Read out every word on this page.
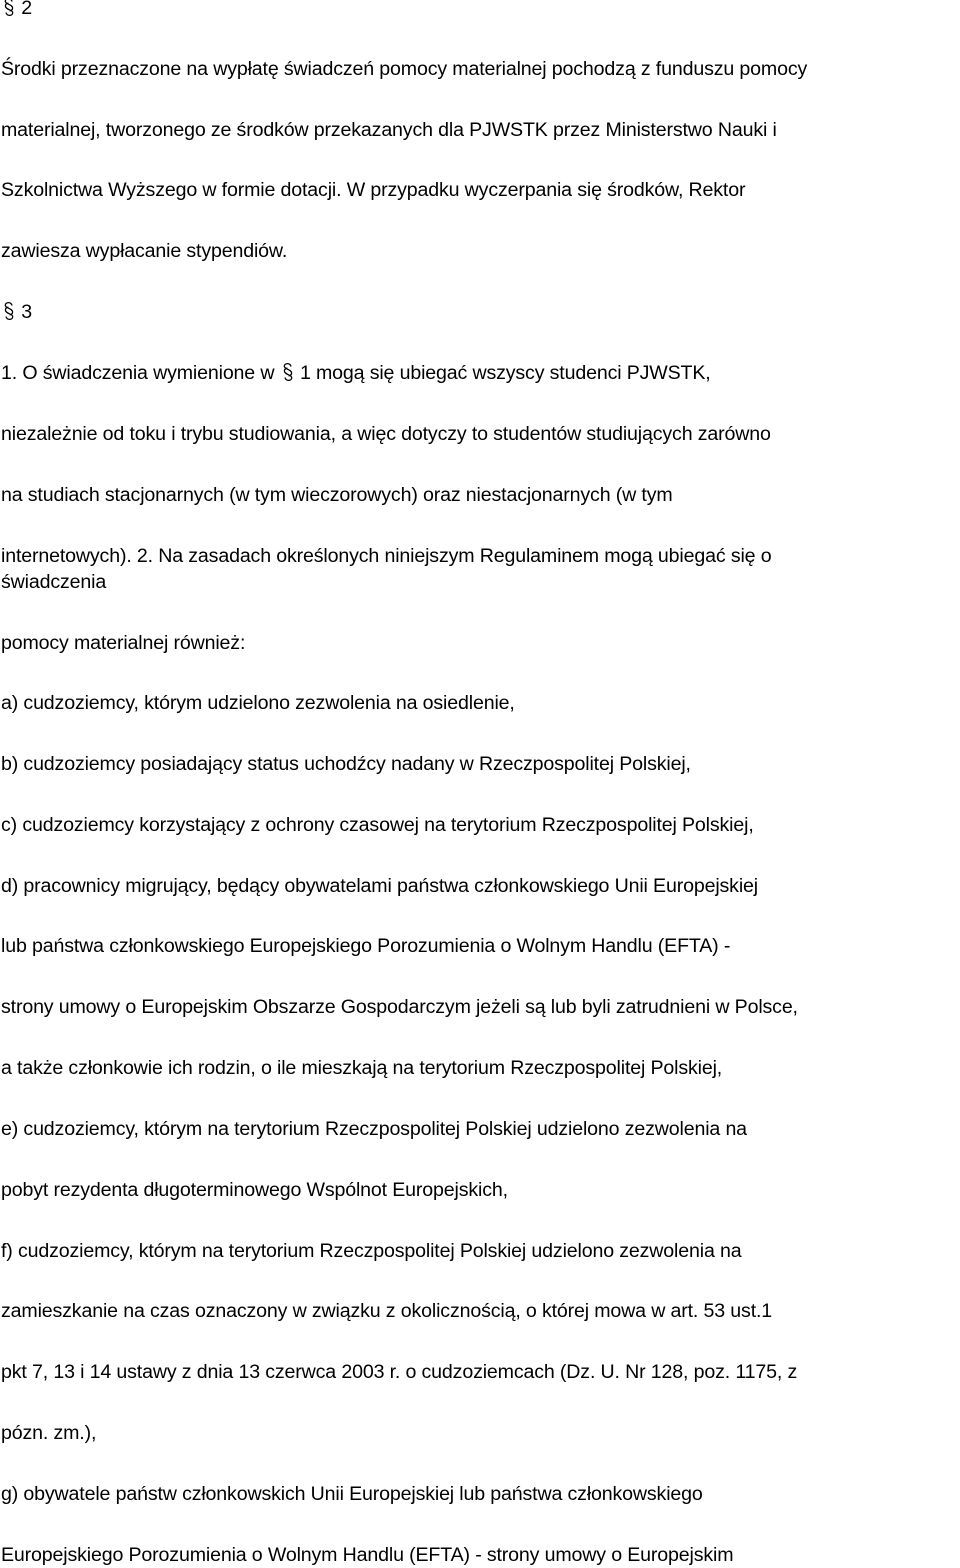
2

Środki przeznaczone na wypłatę świadczeń pomocy materialnej pochodzą z funduszu pomocy

materialnej, tworzonego ze środków przekazanych dla PJWSTK przez Ministerstwo Nauki i

Szkolnictwa Wyższego w formie dotacji. W przypadku wyczerpania się środków, Rektor

zawiesza wypłacanie stypendiów.

3
1. O świadczenia wymienione w 1 mogą się ubiegać wszyscy studenci PJWSTK,

niezależnie od toku i trybu studiowania, a więc dotyczy to studentów studiujących zarówno

na studiach stacjonarnych (w tym wieczorowych) oraz niestacjonarnych (w tym

internetowych). 2. Na zasadach określonych niniejszym Regulaminem mogą ubiegać się o

świadczenia

pomocy materialnej również:

a) cudzoziemcy, którym udzielono zezwolenia na osiedlenie,

b) cudzoziemcy posiadający status uchodźcy nadany w Rzeczpospolitej Polskiej,

c) cudzoziemcy korzystający z ochrony czasowej na terytorium Rzeczpospolitej Polskiej,

d) pracownicy migrujący, będący obywatelami państwa członkowskiego Unii Europejskiej

lub państwa członkowskiego Europejskiego Porozumienia o Wolnym Handlu (EFTA) -

strony umowy o Europejskim Obszarze Gospodarczym jeżeli są lub byli zatrudnieni w Polsce,

a także członkowie ich rodzin, o ile mieszkają na terytorium Rzeczpospolitej Polskiej,

e) cudzoziemcy, którym na terytorium Rzeczpospolitej Polskiej udzielono zezwolenia na

pobyt rezydenta długoterminowego Wspólnot Europejskich,

f) cudzoziemcy, którym na terytorium Rzeczpospolitej Polskiej udzielono zezwolenia na

zamieszkanie na czas oznaczony w związku z okolicznością, o której mowa w art. 53 ust.1

pkt 7, 13 i 14 ustawy z dnia 13 czerwca 2003 r. o cudzoziemcach (Dz. U. Nr 128, poz. 1175, z

pózn. zm.),

g) obywatele państw członkowskich Unii Europejskiej lub państwa członkowskiego

Europejskiego Porozumienia o Wolnym Handlu (EFTA) - strony umowy o Europejskim
